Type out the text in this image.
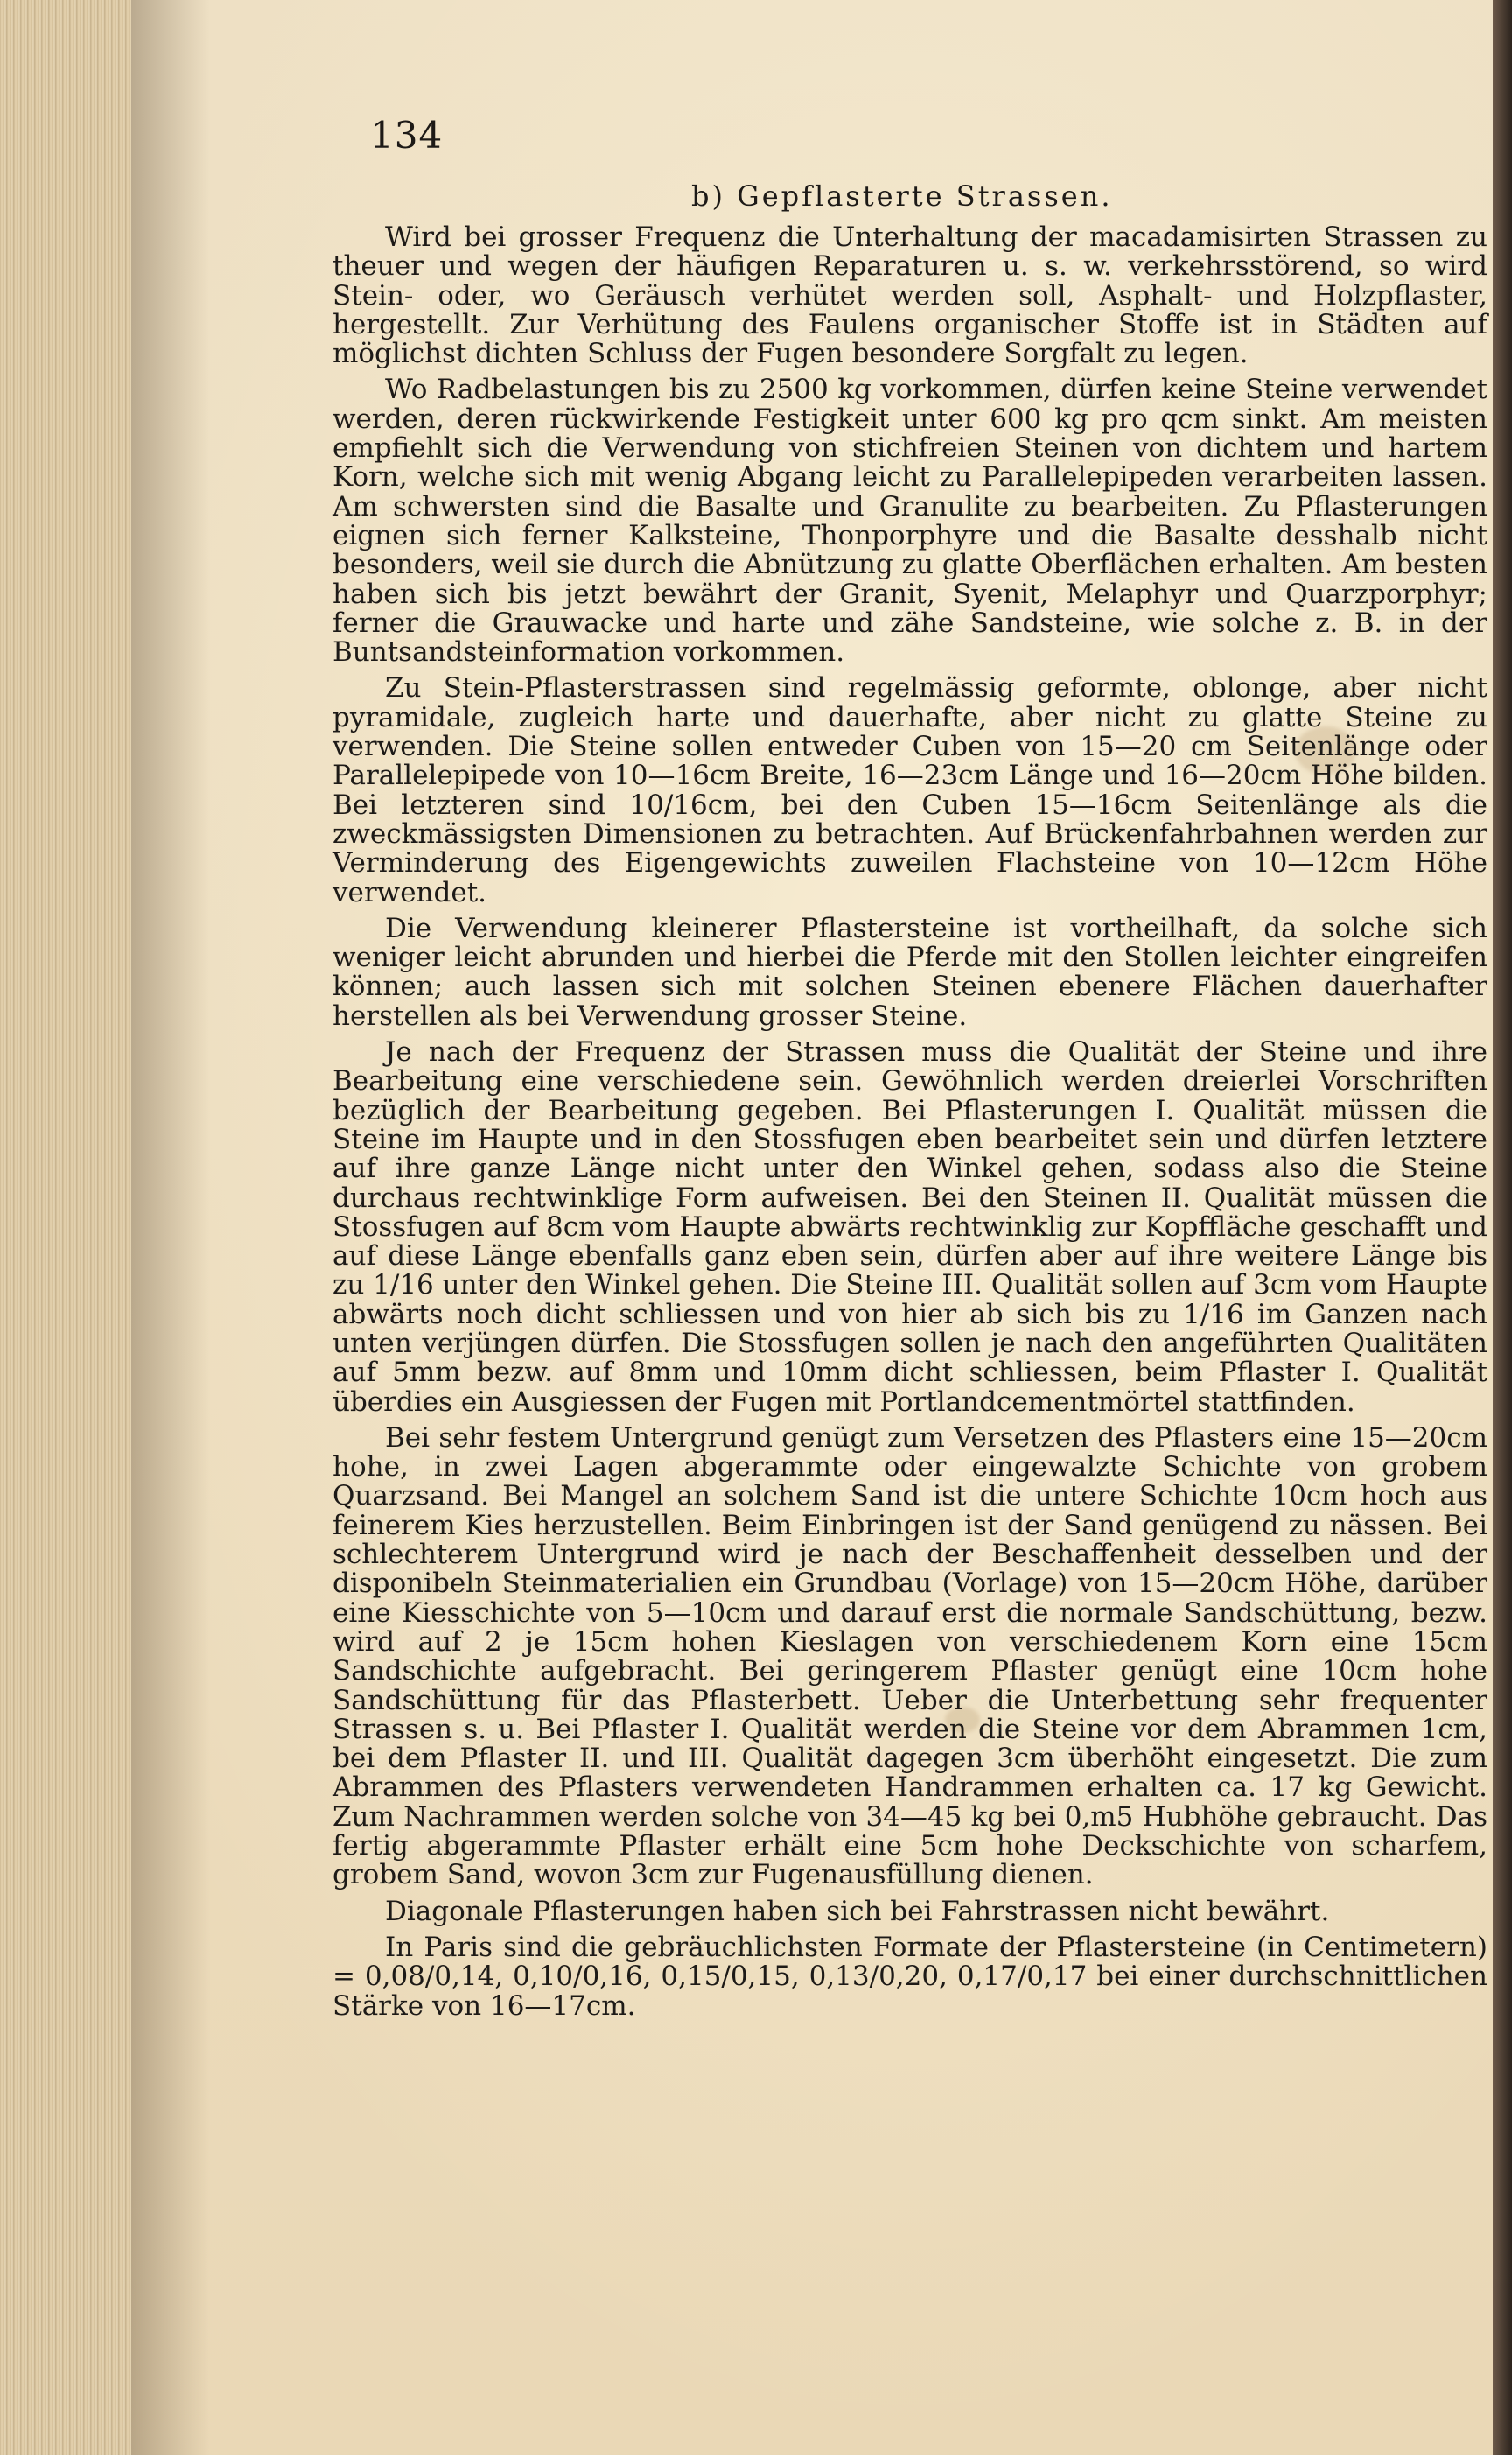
134
b) Gepflasterte Strassen.

Wird bei grosser Frequenz die Unterhaltung der macadamisirten Strassen zu theuer und wegen der häufigen Reparaturen u. s. w. verkehrsstörend, so wird Stein- oder, wo Geräusch verhütet werden soll, Asphalt- und Holzpflaster, hergestellt. Zur Verhütung des Faulens organischer Stoffe ist in Städten auf möglichst dichten Schluss der Fugen besondere Sorgfalt zu legen.

Wo Radbelastungen bis zu 2500 kg vorkommen, dürfen keine Steine verwendet werden, deren rückwirkende Festigkeit unter 600 kg pro qcm sinkt. Am meisten empfiehlt sich die Verwendung von stichfreien Steinen von dichtem und hartem Korn, welche sich mit wenig Abgang leicht zu Parallelepipeden verarbeiten lassen. Am schwersten sind die Basalte und Granulite zu bearbeiten. Zu Pflasterungen eignen sich ferner Kalksteine, Thonporphyre und die Basalte desshalb nicht besonders, weil sie durch die Abnützung zu glatte Oberflächen erhalten. Am besten haben sich bis jetzt bewährt der Granit, Syenit, Melaphyr und Quarzporphyr; ferner die Grauwacke und harte und zähe Sandsteine, wie solche z. B. in der Buntsandsteinformation vorkommen.

Zu Stein-Pflasterstrassen sind regelmässig geformte, oblonge, aber nicht pyramidale, zugleich harte und dauerhafte, aber nicht zu glatte Steine zu verwenden. Die Steine sollen entweder Cuben von 15—20 cm Seitenlänge oder Parallelepipede von 10—16cm Breite, 16—23cm Länge und 16—20cm Höhe bilden. Bei letzteren sind 10/16cm, bei den Cuben 15—16cm Seitenlänge als die zweckmässigsten Dimensionen zu betrachten. Auf Brückenfahrbahnen werden zur Verminderung des Eigengewichts zuweilen Flachsteine von 10—12cm Höhe verwendet.

Die Verwendung kleinerer Pflastersteine ist vortheilhaft, da solche sich weniger leicht abrunden und hierbei die Pferde mit den Stollen leichter eingreifen können; auch lassen sich mit solchen Steinen ebenere Flächen dauerhafter herstellen als bei Verwendung grosser Steine.

Je nach der Frequenz der Strassen muss die Qualität der Steine und ihre Bearbeitung eine verschiedene sein. Gewöhnlich werden dreierlei Vorschriften bezüglich der Bearbeitung gegeben. Bei Pflasterungen I. Qualität müssen die Steine im Haupte und in den Stossfugen eben bearbeitet sein und dürfen letztere auf ihre ganze Länge nicht unter den Winkel gehen, sodass also die Steine durchaus rechtwinklige Form aufweisen. Bei den Steinen II. Qualität müssen die Stossfugen auf 8cm vom Haupte abwärts rechtwinklig zur Kopffläche geschafft und auf diese Länge ebenfalls ganz eben sein, dürfen aber auf ihre weitere Länge bis zu 1/16 unter den Winkel gehen. Die Steine III. Qualität sollen auf 3cm vom Haupte abwärts noch dicht schliessen und von hier ab sich bis zu 1/16 im Ganzen nach unten verjüngen dürfen. Die Stossfugen sollen je nach den angeführten Qualitäten auf 5mm bezw. auf 8mm und 10mm dicht schliessen, beim Pflaster I. Qualität überdies ein Ausgiessen der Fugen mit Portlandcementmörtel stattfinden.

Bei sehr festem Untergrund genügt zum Versetzen des Pflasters eine 15—20cm hohe, in zwei Lagen abgerammte oder eingewalzte Schichte von grobem Quarzsand. Bei Mangel an solchem Sand ist die untere Schichte 10cm hoch aus feinerem Kies herzustellen. Beim Einbringen ist der Sand genügend zu nässen. Bei schlechterem Untergrund wird je nach der Beschaffenheit desselben und der disponibeln Steinmaterialien ein Grundbau (Vorlage) von 15—20cm Höhe, darüber eine Kiesschichte von 5—10cm und darauf erst die normale Sandschüttung, bezw. wird auf 2 je 15cm hohen Kieslagen von verschiedenem Korn eine 15cm Sandschichte aufgebracht. Bei geringerem Pflaster genügt eine 10cm hohe Sandschüttung für das Pflasterbett. Ueber die Unterbettung sehr frequenter Strassen s. u. Bei Pflaster I. Qualität werden die Steine vor dem Abrammen 1cm, bei dem Pflaster II. und III. Qualität dagegen 3cm überhöht eingesetzt. Die zum Abrammen des Pflasters verwendeten Handrammen erhalten ca. 17 kg Gewicht. Zum Nachrammen werden solche von 34—45 kg bei 0,m5 Hubhöhe gebraucht. Das fertig abgerammte Pflaster erhält eine 5cm hohe Deckschichte von scharfem, grobem Sand, wovon 3cm zur Fugenausfüllung dienen.

Diagonale Pflasterungen haben sich bei Fahrstrassen nicht bewährt.

In Paris sind die gebräuchlichsten Formate der Pflastersteine (in Centimetern) = 0,08/0,14, 0,10/0,16, 0,15/0,15, 0,13/0,20, 0,17/0,17 bei einer durchschnittlichen Stärke von 16—17cm.
